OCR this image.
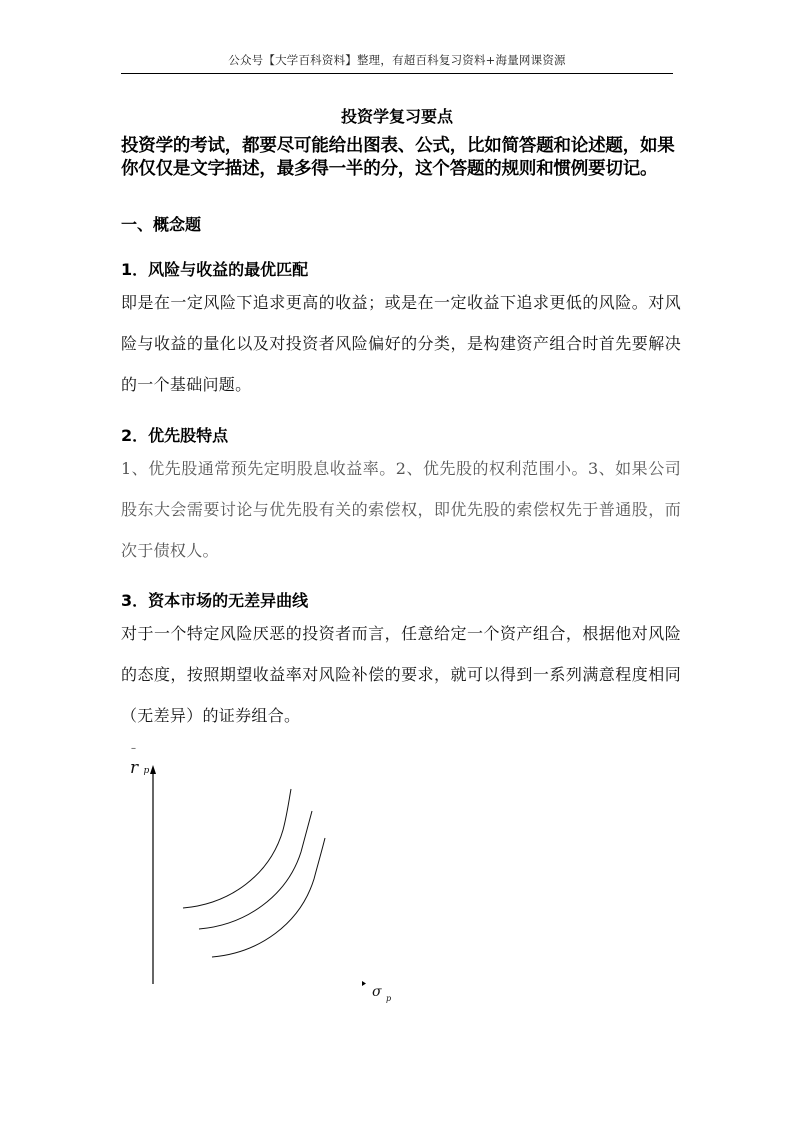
公众号【大学百科资料】整理，有超百科复习资料+海量网课资源
投资学复习要点
投资学的考试，都要尽可能给出图表、公式，比如简答题和论述题，如果你仅仅是文字描述，最多得一半的分，这个答题的规则和惯例要切记。
一、概念题
1．风险与收益的最优匹配
即是在一定风险下追求更高的收益；或是在一定收益下追求更低的风险。对风险与收益的量化以及对投资者风险偏好的分类，是构建资产组合时首先要解决的一个基础问题。
2．优先股特点
1、优先股通常预先定明股息收益率。2、优先股的权利范围小。3、如果公司股东大会需要讨论与优先股有关的索偿权，即优先股的索偿权先于普通股，而次于债权人。
3．资本市场的无差异曲线
对于一个特定风险厌恶的投资者而言，任意给定一个资产组合，根据他对风险的态度，按照期望收益率对风险补偿的要求，就可以得到一系列满意程度相同（无差异）的证券组合。
–
r p
σ $_p$
